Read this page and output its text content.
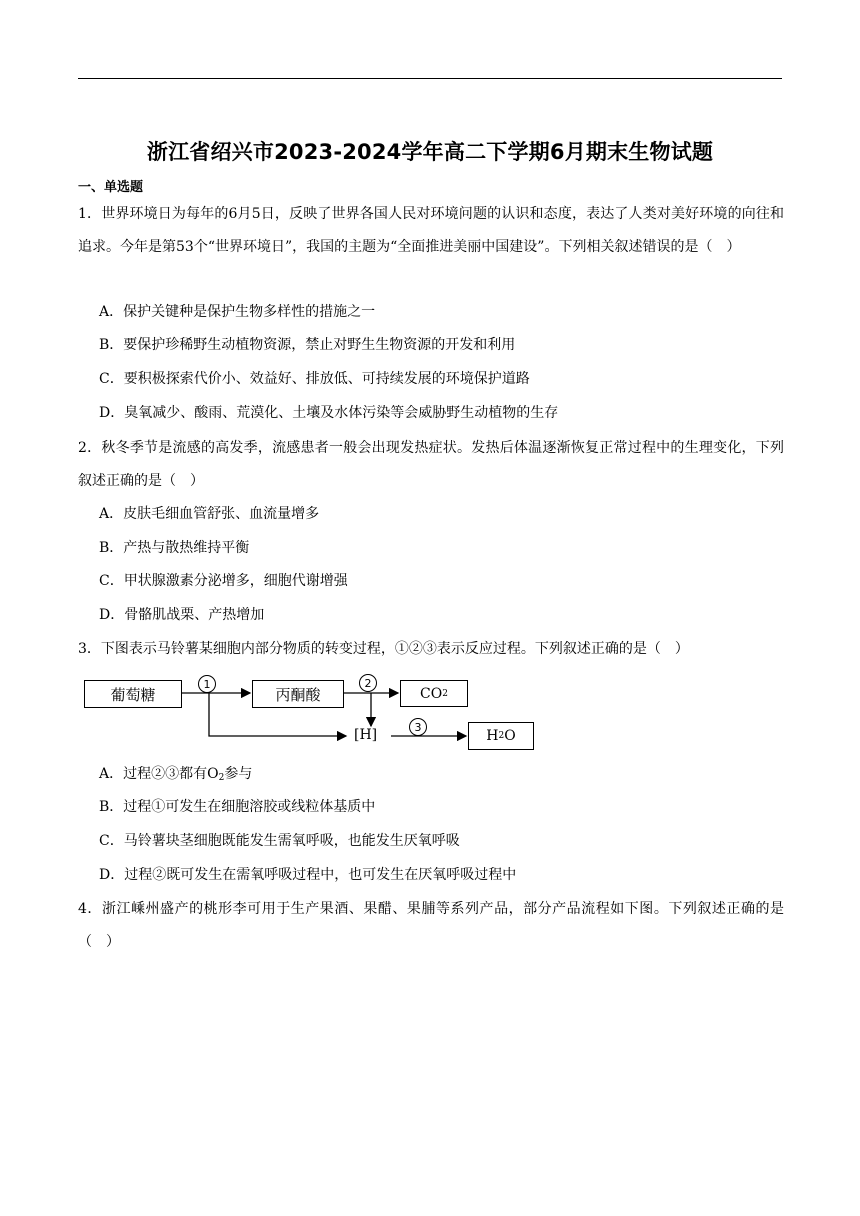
浙江省绍兴市2023-2024学年高二下学期6月期末生物试题
一、单选题
1．世界环境日为每年的6月5日，反映了世界各国人民对环境问题的认识和态度，表达了人类对美好环境的向往和追求。今年是第53个“世界环境日”，我国的主题为“全面推进美丽中国建设”。下列相关叙述错误的是（　）
A．保护关键种是保护生物多样性的措施之一
B．要保护珍稀野生动植物资源，禁止对野生生物资源的开发和利用
C．要积极探索代价小、效益好、排放低、可持续发展的环境保护道路
D．臭氧减少、酸雨、荒漠化、土壤及水体污染等会威胁野生动植物的生存
2．秋冬季节是流感的高发季，流感患者一般会出现发热症状。发热后体温逐渐恢复正常过程中的生理变化，下列叙述正确的是（　）
A．皮肤毛细血管舒张、血流量增多
B．产热与散热维持平衡
C．甲状腺激素分泌增多，细胞代谢增强
D．骨骼肌战栗、产热增加
3．下图表示马铃薯某细胞内部分物质的转变过程，①②③表示反应过程。下列叙述正确的是（　）
葡萄糖
1
丙酮酸
2
CO 2
[H]	3
H 2 O
A．过程②③都有$O_2$参与
B．过程①可发生在细胞溶胶或线粒体基质中
C．马铃薯块茎细胞既能发生需氧呼吸，也能发生厌氧呼吸
D．过程②既可发生在需氧呼吸过程中，也可发生在厌氧呼吸过程中
4．浙江嵊州盛产的桃形李可用于生产果酒、果醋、果脯等系列产品，部分产品流程如下图。下列叙述正确的是（　）
